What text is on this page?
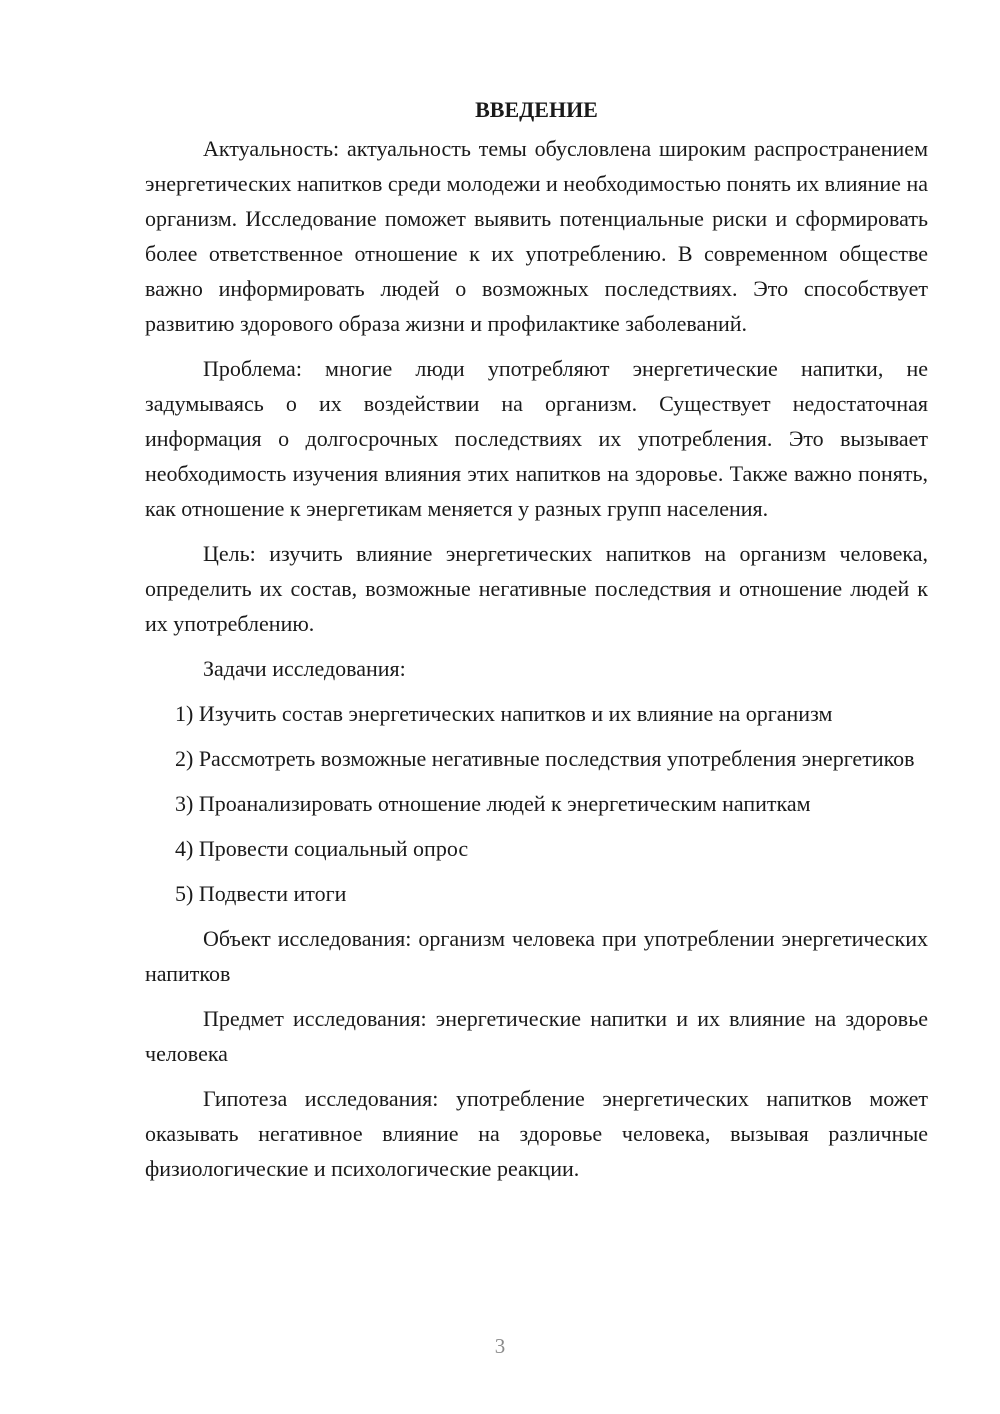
ВВЕДЕНИЕ

Актуальность: актуальность темы обусловлена широким распространением энергетических напитков среди молодежи и необходимостью понять их влияние на организм. Исследование поможет выявить потенциальные риски и сформировать более ответственное отношение к их употреблению. В современном обществе важно информировать людей о возможных последствиях. Это способствует развитию здорового образа жизни и профилактике заболеваний.

Проблема: многие люди употребляют энергетические напитки, не задумываясь о их воздействии на организм. Существует недостаточная информация о долгосрочных последствиях их употребления. Это вызывает необходимость изучения влияния этих напитков на здоровье. Также важно понять, как отношение к энергетикам меняется у разных групп населения.

Цель: изучить влияние энергетических напитков на организм человека, определить их состав, возможные негативные последствия и отношение людей к их употреблению.

Задачи исследования:

1) Изучить состав энергетических напитков и их влияние на организм

2) Рассмотреть возможные негативные последствия употребления энергетиков

3) Проанализировать отношение людей к энергетическим напиткам

4) Провести социальный опрос

5) Подвести итоги

Объект исследования: организм человека при употреблении энергетических напитков

Предмет исследования: энергетические напитки и их влияние на здоровье человека

Гипотеза исследования: употребление энергетических напитков может оказывать негативное влияние на здоровье человека, вызывая различные физиологические и психологические реакции.

3
